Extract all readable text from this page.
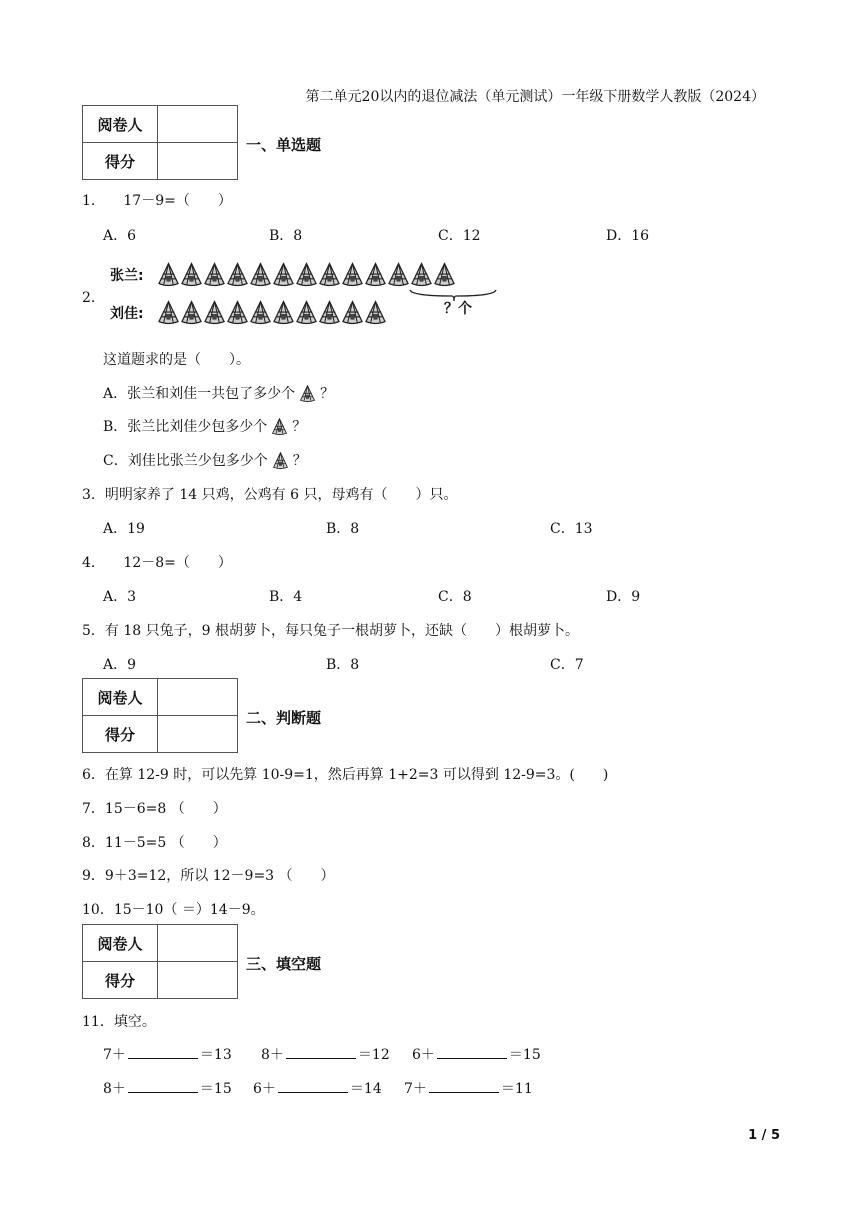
第二单元20以内的退位减法（单元测试）一年级下册数学人教版（2024）
阅卷人	
得分	
一、单选题
1． 17－9=（　　）
A．6	B．8	C．12	D．16
2．
张兰:
？个
刘佳:
这道题求的是（　　）。
A．张兰和刘佳一共包了多少个 ？
B．张兰比刘佳少包多少个 ？
C．刘佳比张兰少包多少个 ？
3．明明家养了 14 只鸡，公鸡有 6 只，母鸡有（　　）只。
A．19	B．8	C．13
4． 12－8=（　　）
A．3	B．4	C．8	D．9
5．有 18 只兔子，9 根胡萝卜，每只兔子一根胡萝卜，还缺（　　）根胡萝卜。
A．9	B．8	C．7
阅卷人	
得分	
二、判断题
6．在算 12-9 时，可以先算 10-9=1，然后再算 1+2=3 可以得到 12-9=3。(　　)
7．15－6=8 （　　）
8．11－5=5 （　　）
9．9＋3=12，所以 12－9=3 （　　）
10．15－10（ ＝）14－9。
阅卷人	
得分	
三、填空题
11．填空。
7＋	＝13 8＋	＝12 6＋	＝15
8＋	＝15 6＋	＝14 7＋	＝11
1 / 5
